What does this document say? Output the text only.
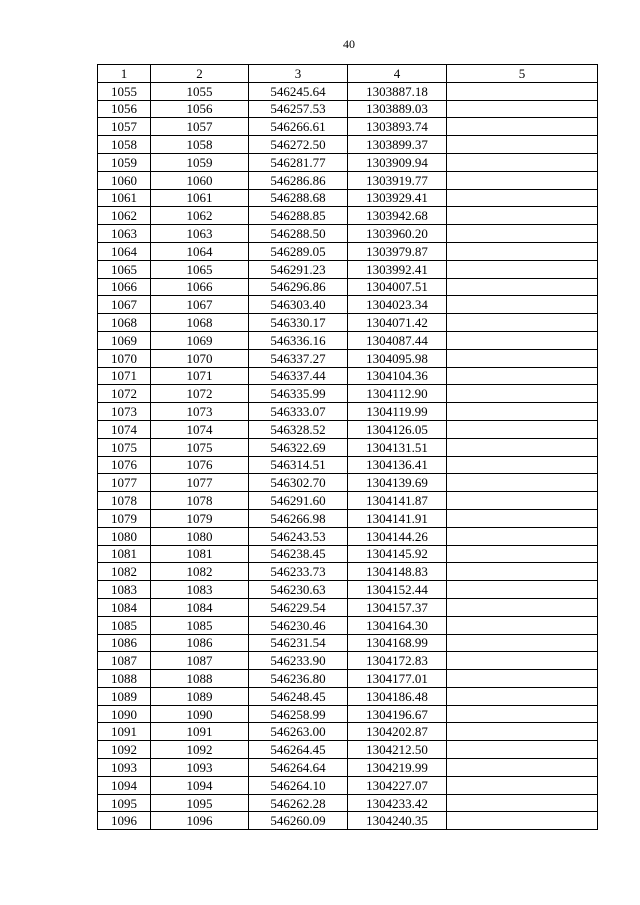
40
1	2	3	4	5
1055	1055	546245.64	1303887.18	
1056	1056	546257.53	1303889.03	
1057	1057	546266.61	1303893.74	
1058	1058	546272.50	1303899.37	
1059	1059	546281.77	1303909.94	
1060	1060	546286.86	1303919.77	
1061	1061	546288.68	1303929.41	
1062	1062	546288.85	1303942.68	
1063	1063	546288.50	1303960.20	
1064	1064	546289.05	1303979.87	
1065	1065	546291.23	1303992.41	
1066	1066	546296.86	1304007.51	
1067	1067	546303.40	1304023.34	
1068	1068	546330.17	1304071.42	
1069	1069	546336.16	1304087.44	
1070	1070	546337.27	1304095.98	
1071	1071	546337.44	1304104.36	
1072	1072	546335.99	1304112.90	
1073	1073	546333.07	1304119.99	
1074	1074	546328.52	1304126.05	
1075	1075	546322.69	1304131.51	
1076	1076	546314.51	1304136.41	
1077	1077	546302.70	1304139.69	
1078	1078	546291.60	1304141.87	
1079	1079	546266.98	1304141.91	
1080	1080	546243.53	1304144.26	
1081	1081	546238.45	1304145.92	
1082	1082	546233.73	1304148.83	
1083	1083	546230.63	1304152.44	
1084	1084	546229.54	1304157.37	
1085	1085	546230.46	1304164.30	
1086	1086	546231.54	1304168.99	
1087	1087	546233.90	1304172.83	
1088	1088	546236.80	1304177.01	
1089	1089	546248.45	1304186.48	
1090	1090	546258.99	1304196.67	
1091	1091	546263.00	1304202.87	
1092	1092	546264.45	1304212.50	
1093	1093	546264.64	1304219.99	
1094	1094	546264.10	1304227.07	
1095	1095	546262.28	1304233.42	
1096	1096	546260.09	1304240.35	
